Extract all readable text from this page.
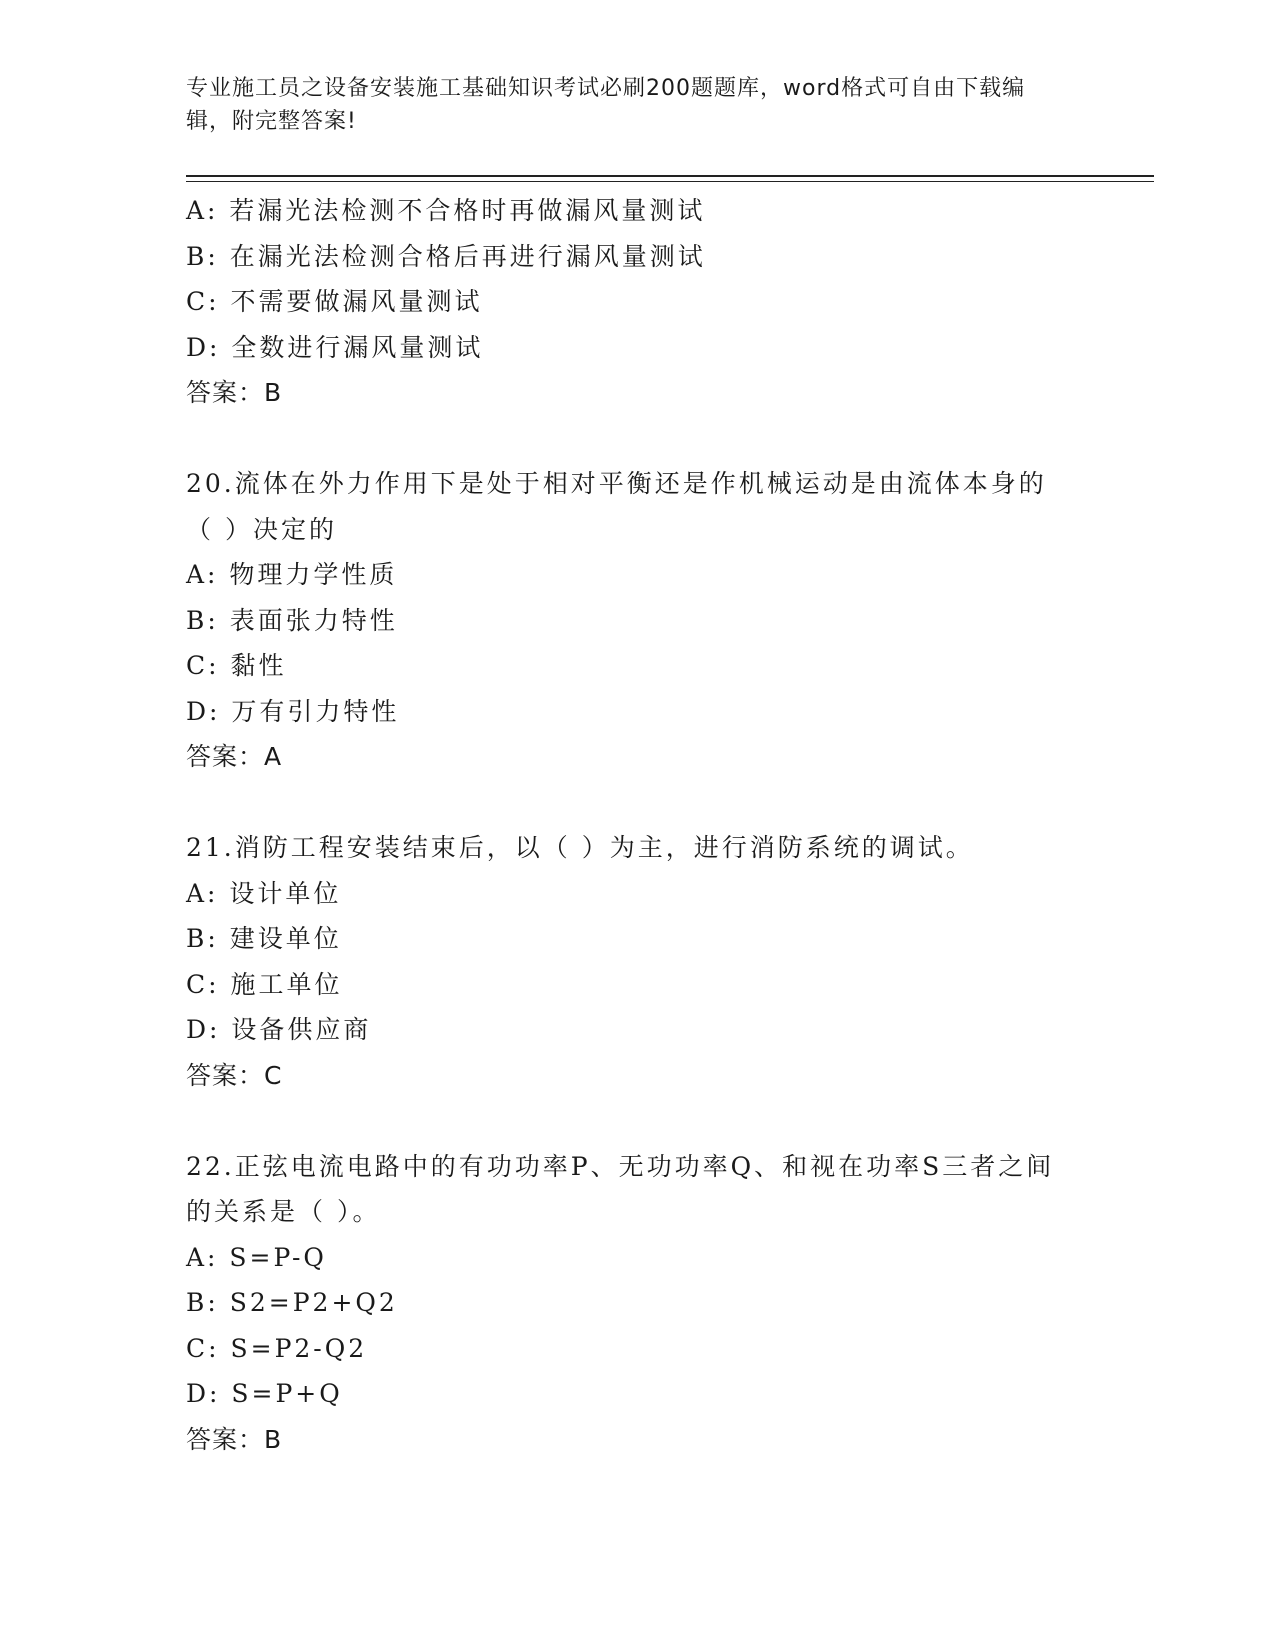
专业施工员之设备安装施工基础知识考试必刷200题题库，word格式可自由下载编辑，附完整答案!
A: 若漏光法检测不合格时再做漏风量测试
B: 在漏光法检测合格后再进行漏风量测试
C: 不需要做漏风量测试
D: 全数进行漏风量测试
答案：B
20.流体在外力作用下是处于相对平衡还是作机械运动是由流体本身的（ ）决定的
A: 物理力学性质
B: 表面张力特性
C: 黏性
D: 万有引力特性
答案：A
21.消防工程安装结束后，以（ ）为主，进行消防系统的调试。
A: 设计单位
B: 建设单位
C: 施工单位
D: 设备供应商
答案：C
22.正弦电流电路中的有功功率P、无功功率Q、和视在功率S三者之间的关系是（ ）。
A: S=P-Q
B: S2=P2+Q2
C: S=P2-Q2
D: S=P+Q
答案：B
